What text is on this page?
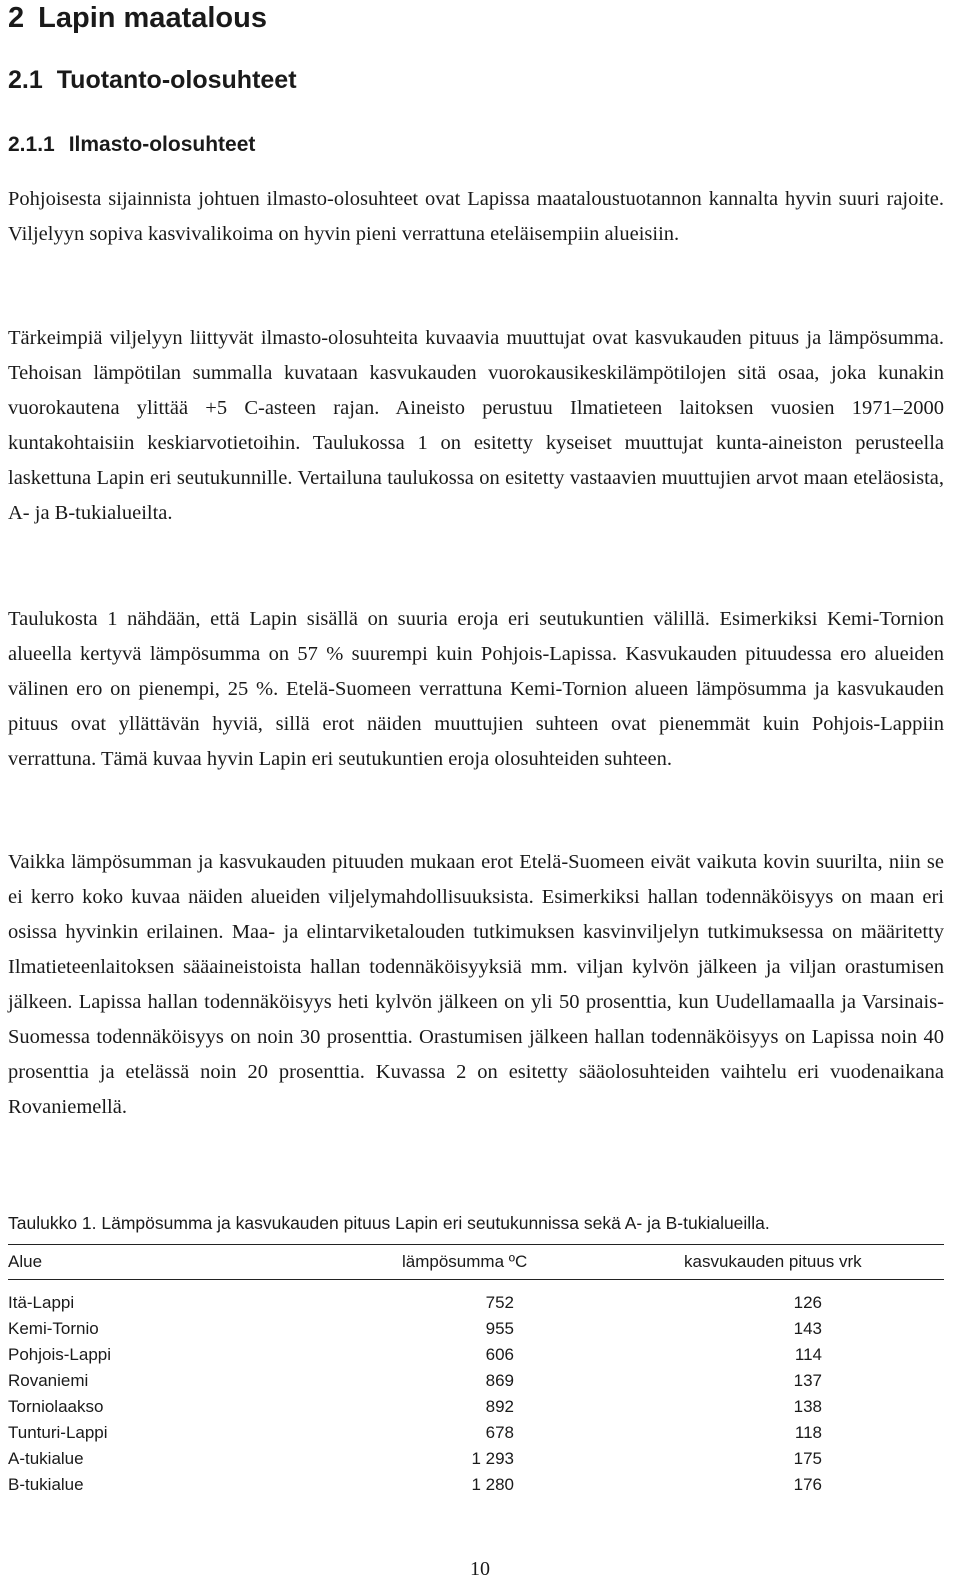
2 Lapin maatalous
2.1 Tuotanto-olosuhteet
2.1.1 Ilmasto-olosuhteet

Pohjoisesta sijainnista johtuen ilmasto-olosuhteet ovat Lapissa maataloustuotannon kannalta hyvin suuri rajoite. Viljelyyn sopiva kasvivalikoima on hyvin pieni verrattuna eteläisempiin alueisiin.

Tärkeimpiä viljelyyn liittyvät ilmasto-olosuhteita kuvaavia muuttujat ovat kasvukauden pituus ja lämpösumma. Tehoisan lämpötilan summalla kuvataan kasvukauden vuorokausikeskilämpötilojen sitä osaa, joka kunakin vuorokautena ylittää +5 C-asteen rajan. Aineisto perustuu Ilmatieteen laitoksen vuosien 1971–2000 kuntakohtaisiin keskiarvotietoihin. Taulukossa 1 on esitetty kyseiset muuttujat kunta-aineiston perusteella laskettuna Lapin eri seutukunnille. Vertailuna taulukossa on esitetty vastaavien muuttujien arvot maan eteläosista, A- ja B-tukialueilta.

Taulukosta 1 nähdään, että Lapin sisällä on suuria eroja eri seutukuntien välillä. Esimerkiksi Kemi-Tornion alueella kertyvä lämpösumma on 57 % suurempi kuin Pohjois-Lapissa. Kasvukauden pituudessa ero alueiden välinen ero on pienempi, 25 %. Etelä-Suomeen verrattuna Kemi-Tornion alueen lämpösumma ja kasvukauden pituus ovat yllättävän hyviä, sillä erot näiden muuttujien suhteen ovat pienemmät kuin Pohjois-Lappiin verrattuna. Tämä kuvaa hyvin Lapin eri seutukuntien eroja olosuhteiden suhteen.

Vaikka lämpösumman ja kasvukauden pituuden mukaan erot Etelä-Suomeen eivät vaikuta kovin suurilta, niin se ei kerro koko kuvaa näiden alueiden viljelymahdollisuuksista. Esimerkiksi hallan todennäköisyys on maan eri osissa hyvinkin erilainen. Maa- ja elintarviketalouden tutkimuksen kasvinviljelyn tutkimuksessa on määritetty Ilmatieteenlaitoksen sääaineistoista hallan todennäköisyyksiä mm. viljan kylvön jälkeen ja viljan orastumisen jälkeen. Lapissa hallan todennäköisyys heti kylvön jälkeen on yli 50 prosenttia, kun Uudellamaalla ja Varsinais-Suomessa todennäköisyys on noin 30 prosenttia. Orastumisen jälkeen hallan todennäköisyys on Lapissa noin 40 prosenttia ja etelässä noin 20 prosenttia. Kuvassa 2 on esitetty sääolosuhteiden vaihtelu eri vuodenaikana Rovaniemellä.

Taulukko 1. Lämpösumma ja kasvukauden pituus Lapin eri seutukunnissa sekä A- ja B-tukialueilla.
Alue	lämpösumma ºC	kasvukauden pituus vrk
Itä-Lappi	752	126
Kemi-Tornio	955	143
Pohjois-Lappi	606	114
Rovaniemi	869	137
Torniolaakso	892	138
Tunturi-Lappi	678	118
A-tukialue	1 293	175
B-tukialue	1 280	176
10
